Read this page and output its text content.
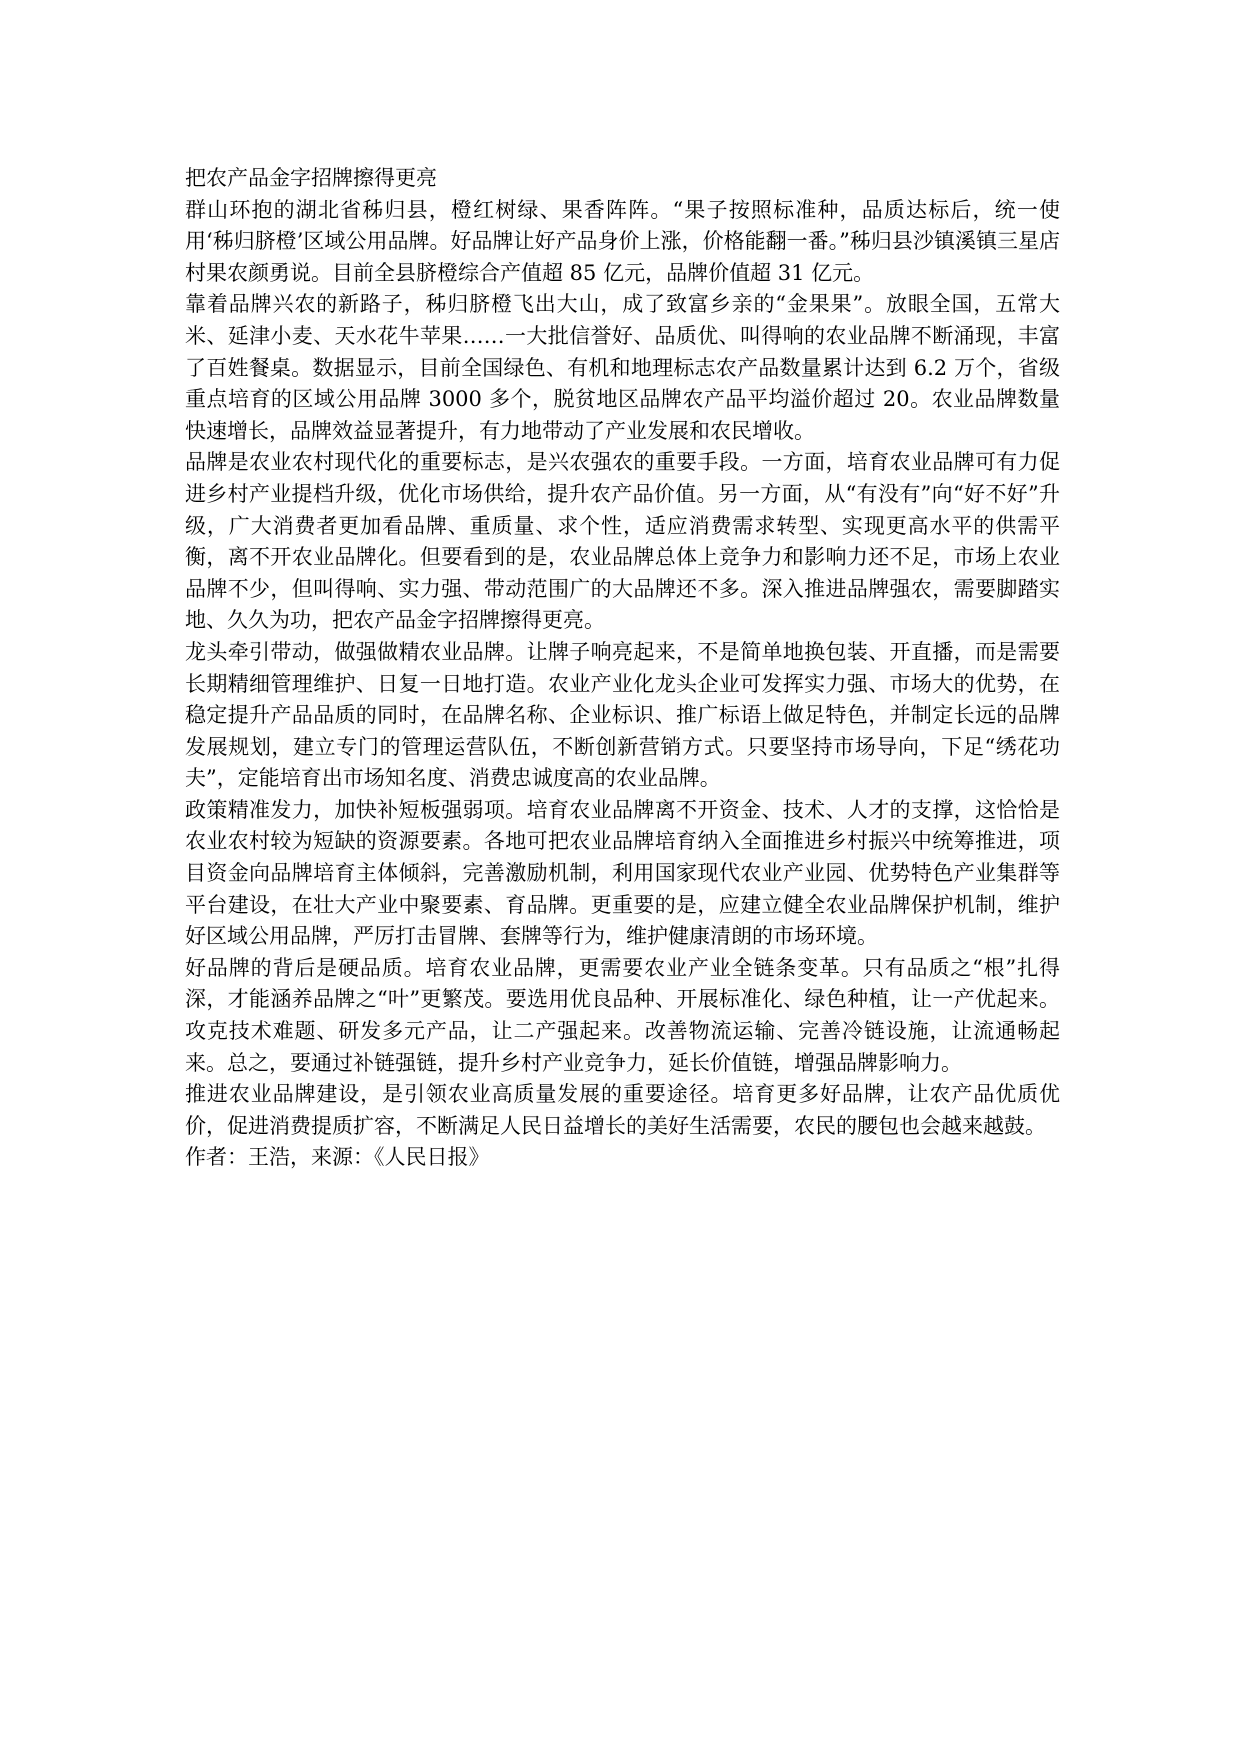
把农产品金字招牌擦得更亮

群山环抱的湖北省秭归县，橙红树绿、果香阵阵。“果子按照标准种，品质达标后，统一使用‘秭归脐橙’区域公用品牌。好品牌让好产品身价上涨，价格能翻一番。”秭归县沙镇溪镇三星店村果农颜勇说。目前全县脐橙综合产值超 85 亿元，品牌价值超 31 亿元。

靠着品牌兴农的新路子，秭归脐橙飞出大山，成了致富乡亲的“金果果”。放眼全国，五常大米、延津小麦、天水花牛苹果……一大批信誉好、品质优、叫得响的农业品牌不断涌现，丰富了百姓餐桌。数据显示，目前全国绿色、有机和地理标志农产品数量累计达到 6.2 万个，省级重点培育的区域公用品牌 3000 多个，脱贫地区品牌农产品平均溢价超过 20。农业品牌数量快速增长，品牌效益显著提升，有力地带动了产业发展和农民增收。

品牌是农业农村现代化的重要标志，是兴农强农的重要手段。一方面，培育农业品牌可有力促进乡村产业提档升级，优化市场供给，提升农产品价值。另一方面，从“有没有”向“好不好”升级，广大消费者更加看品牌、重质量、求个性，适应消费需求转型、实现更高水平的供需平衡，离不开农业品牌化。但要看到的是，农业品牌总体上竞争力和影响力还不足，市场上农业品牌不少，但叫得响、实力强、带动范围广的大品牌还不多。深入推进品牌强农，需要脚踏实地、久久为功，把农产品金字招牌擦得更亮。

龙头牵引带动，做强做精农业品牌。让牌子响亮起来，不是简单地换包装、开直播，而是需要长期精细管理维护、日复一日地打造。农业产业化龙头企业可发挥实力强、市场大的优势，在稳定提升产品品质的同时，在品牌名称、企业标识、推广标语上做足特色，并制定长远的品牌发展规划，建立专门的管理运营队伍，不断创新营销方式。只要坚持市场导向，下足“绣花功夫”，定能培育出市场知名度、消费忠诚度高的农业品牌。

政策精准发力，加快补短板强弱项。培育农业品牌离不开资金、技术、人才的支撑，这恰恰是农业农村较为短缺的资源要素。各地可把农业品牌培育纳入全面推进乡村振兴中统筹推进，项目资金向品牌培育主体倾斜，完善激励机制，利用国家现代农业产业园、优势特色产业集群等平台建设，在壮大产业中聚要素、育品牌。更重要的是，应建立健全农业品牌保护机制，维护好区域公用品牌，严厉打击冒牌、套牌等行为，维护健康清朗的市场环境。

好品牌的背后是硬品质。培育农业品牌，更需要农业产业全链条变革。只有品质之“根”扎得深，才能涵养品牌之“叶”更繁茂。要选用优良品种、开展标准化、绿色种植，让一产优起来。攻克技术难题、研发多元产品，让二产强起来。改善物流运输、完善冷链设施，让流通畅起来。总之，要通过补链强链，提升乡村产业竞争力，延长价值链，增强品牌影响力。

推进农业品牌建设，是引领农业高质量发展的重要途径。培育更多好品牌，让农产品优质优价，促进消费提质扩容，不断满足人民日益增长的美好生活需要，农民的腰包也会越来越鼓。

作者：王浩，来源：《人民日报》
